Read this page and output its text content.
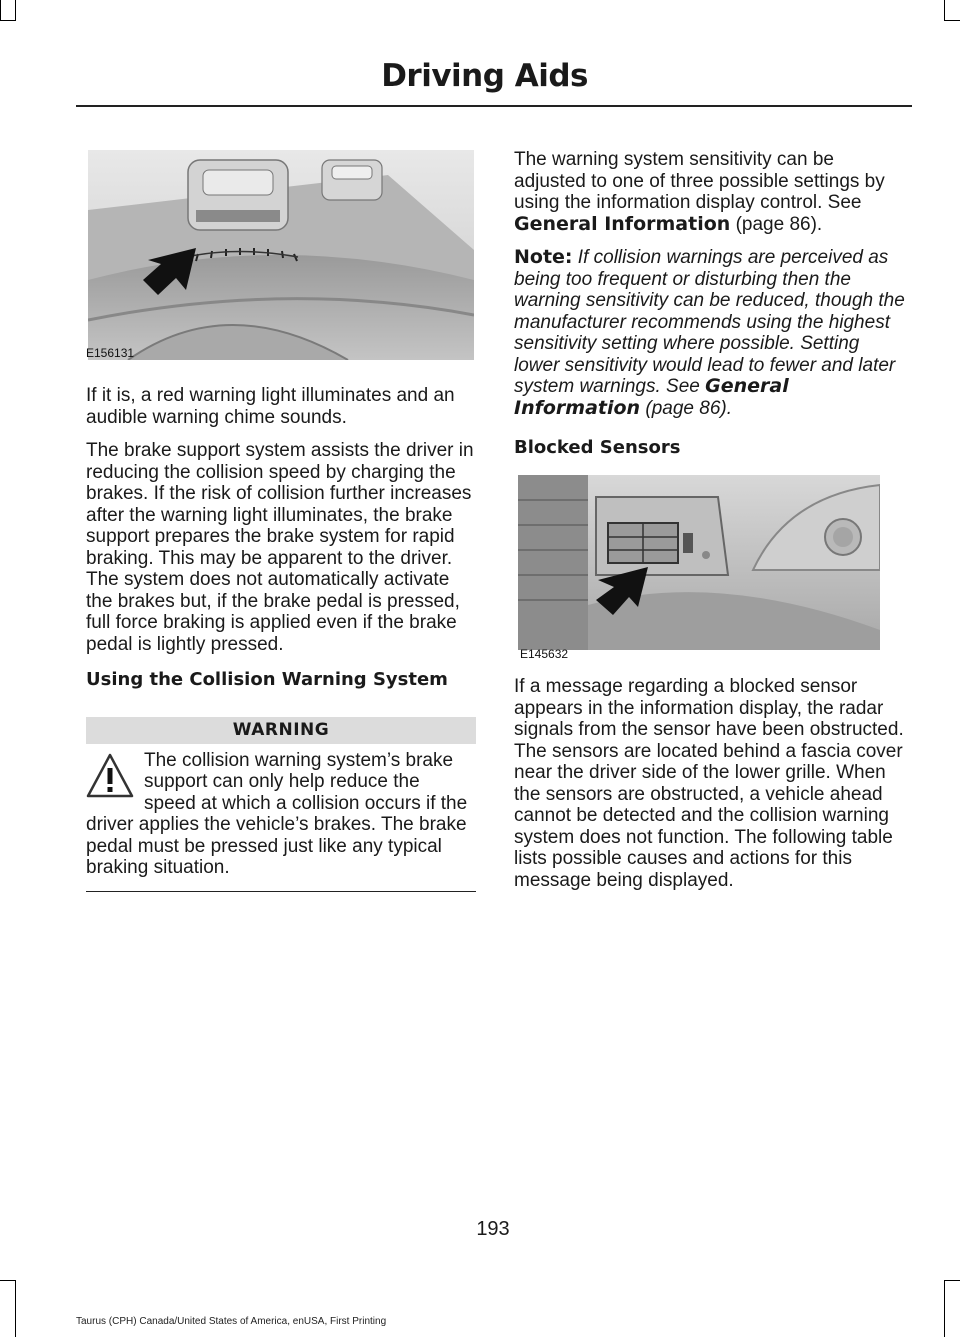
Driving Aids
E156131

If it is, a red warning light illuminates and an audible warning chime sounds.

The brake support system assists the driver in reducing the collision speed by charging the brakes. If the risk of collision further increases after the warning light illuminates, the brake support prepares the brake system for rapid braking. This may be apparent to the driver. The system does not automatically activate the brakes but, if the brake pedal is pressed, full force braking is applied even if the brake pedal is lightly pressed.

Using the Collision Warning System
WARNING
The collision warning system’s brake support can only help reduce the speed at which a collision occurs if the driver applies the vehicle’s brakes. The brake pedal must be pressed just like any typical braking situation.

The warning system sensitivity can be adjusted to one of three possible settings by using the information display control. See General Information (page 86).

Note: If collision warnings are perceived as being too frequent or disturbing then the warning sensitivity can be reduced, though the manufacturer recommends using the highest sensitivity setting where possible. Setting lower sensitivity would lead to fewer and later system warnings. See General Information (page 86).

Blocked Sensors
E145632

If a message regarding a blocked sensor appears in the information display, the radar signals from the sensor have been obstructed. The sensors are located behind a fascia cover near the driver side of the lower grille. When the sensors are obstructed, a vehicle ahead cannot be detected and the collision warning system does not function. The following table lists possible causes and actions for this message being displayed.

193
Taurus (CPH) Canada/United States of America, enUSA, First Printing
